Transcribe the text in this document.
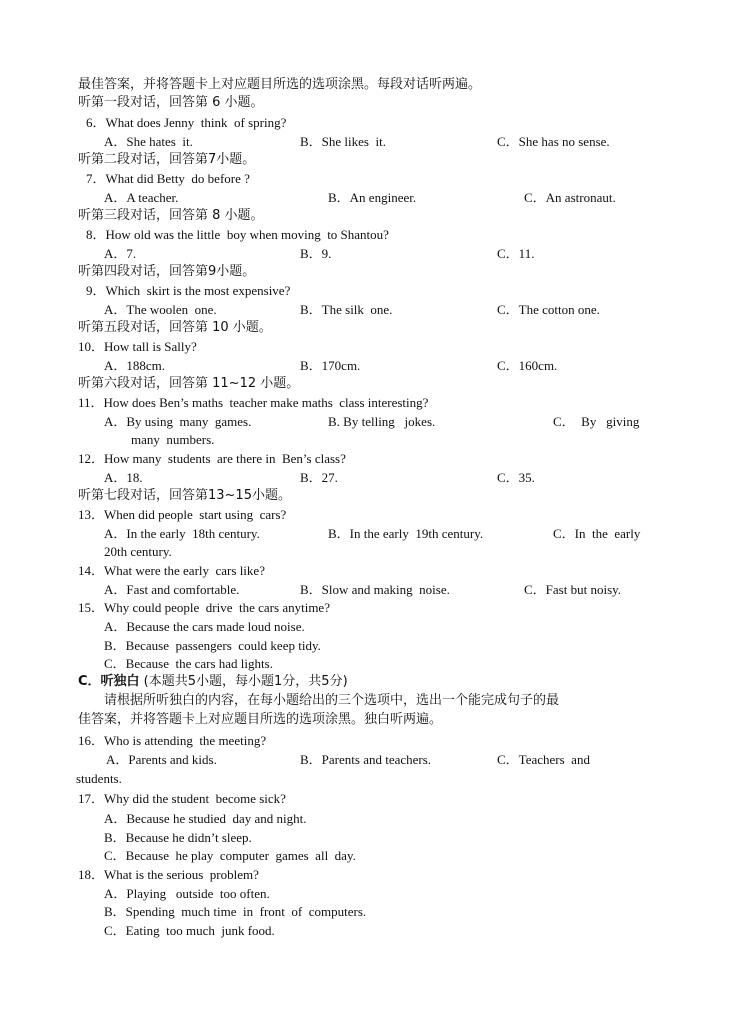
最佳答案，并将答题卡上对应题目所选的选项涂黑。每段对话听两遍。
听第一段对话，回答第 6 小题。
6．What does Jenny  think  of spring?
A．She hates  it.	B．She likes  it.	C．She has no sense.
听第二段对话，回答第7小题。
7．What did Betty  do before ?
A．A teacher.	B．An engineer.	C．An astronaut.
听第三段对话，回答第 8 小题。
8．How old was the little  boy when moving  to Shantou?
A．7.	B．9.	C．11.
听第四段对话，回答第9小题。
9．Which  skirt is the most expensive?
A．The woolen  one.	B．The silk  one.	C．The cotton one.
听第五段对话，回答第 10 小题。
10．How tall is Sally?
A．188cm.	B．170cm.	C．160cm.
听第六段对话，回答第 11~12 小题。
11．How does Ben’s maths  teacher make maths  class interesting?
A．By using  many  games.	B. By telling   jokes.	C．  By   giving
many  numbers.
12．How many  students  are there in  Ben’s class?
A．18.	B．27.	C．35.
听第七段对话，回答第13~15小题。
13．When did people  start using  cars?
A．In the early  18th century.	B．In the early  19th century.	C．In  the  early
20th century.
14．What were the early  cars like?
A．Fast and comfortable.	B．Slow and making  noise.	C．Fast but noisy.
15．Why could people  drive  the cars anytime?
A．Because the cars made loud noise.
B．Because  passengers  could keep tidy.
C．Because  the cars had lights.
C．听独白 (本题共5小题，每小题1分，共5分)
请根据所听独白的内容，在每小题给出的三个选项中，选出一个能完成句子的最
佳答案，并将答题卡上对应题目所选的选项涂黑。独白听两遍。
16．Who is attending  the meeting?
A．Parents and kids.	B．Parents and teachers.	C．Teachers  and
students.
17．Why did the student  become sick?
A．Because he studied  day and night.
B．Because he didn’t sleep.
C．Because  he play  computer  games  all  day.
18．What is the serious  problem?
A．Playing   outside  too often.
B．Spending  much time  in  front  of  computers.
C．Eating  too much  junk food.
